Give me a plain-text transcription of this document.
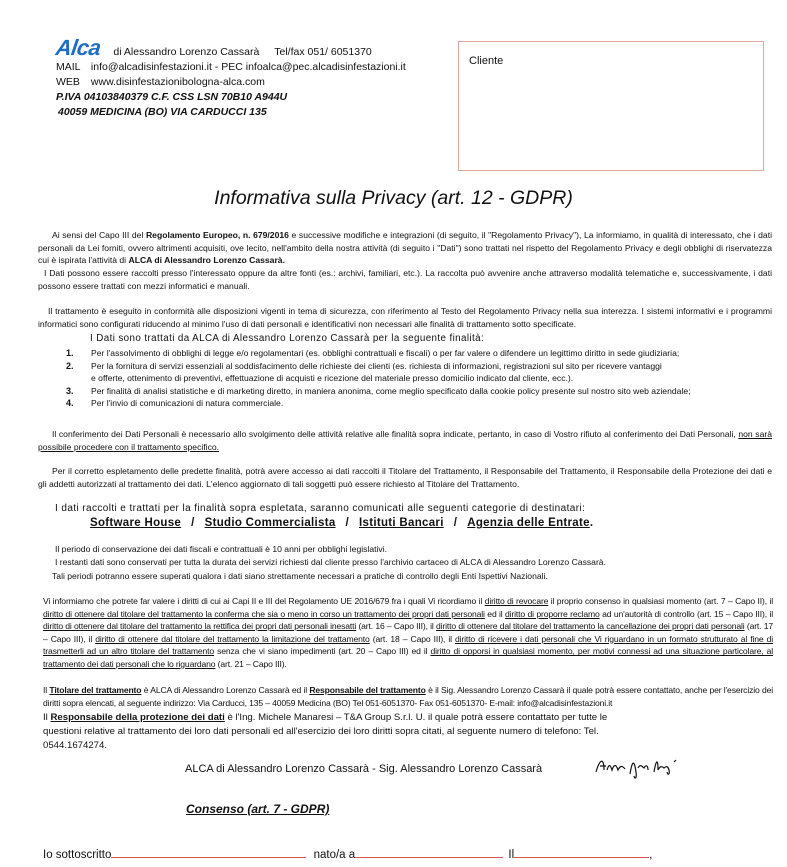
Alca di Alessandro Lorenzo Cassarà Tel/fax 051/ 6051370
MAIL info@alcadisinfestazioni.it - PEC infoalca@pec.alcadisinfestazioni.it
WEB www.disinfestazionibologna-alca.com
P.IVA 04103840379 C.F. CSS LSN 70B10 A944U
40059 MEDICINA (BO) VIA CARDUCCI 135
Cliente
Informativa sulla Privacy (art. 12 - GDPR)
Ai sensi del Capo III del Regolamento Europeo, n. 679/2016 e successive modifiche e integrazioni (di seguito, il "Regolamento Privacy"), La informiamo, in qualità di interessato, che i dati personali da Lei forniti, ovvero altrimenti acquisiti, ove lecito, nell'ambito della nostra attività (di seguito i "Dati") sono trattati nel rispetto del Regolamento Privacy e degli obblighi di riservatezza cui è ispirata l'attività di ALCA di Alessandro Lorenzo Cassarà.
I Dati possono essere raccolti presso l'interessato oppure da altre fonti (es.: archivi, familiari, etc.). La raccolta può avvenire anche attraverso modalità telematiche e, successivamente, i dati possono essere trattati con mezzi informatici e manuali.
Il trattamento è eseguito in conformità alle disposizioni vigenti in tema di sicurezza, con riferimento al Testo del Regolamento Privacy nella sua interezza. I sistemi informativi e i programmi informatici sono configurati riducendo al minimo l'uso di dati personali e identificativi non necessari alle finalità di trattamento sotto specificate.
I Dati sono trattati da ALCA di Alessandro Lorenzo Cassarà per la seguente finalità:
1. Per l'assolvimento di obblighi di legge e/o regolamentari (es. obblighi contrattuali e fiscali) o per far valere o difendere un legittimo diritto in sede giudiziaria;
2. Per la fornitura di servizi essenziali al soddisfacimento delle richieste dei clienti (es. richiesta di informazioni, registrazioni sul sito per ricevere vantaggi
e offerte, ottenimento di preventivi, effettuazione di acquisti e ricezione del materiale presso domicilio indicato dal cliente, ecc.).
3. Per finalità di analisi statistiche e di marketing diretto, in maniera anonima, come meglio specificato dalla cookie policy presente sul nostro sito web aziendale;
4. Per l'invio di comunicazioni di natura commerciale.
Il conferimento dei Dati Personali è necessario allo svolgimento delle attività relative alle finalità sopra indicate, pertanto, in caso di Vostro rifiuto al conferimento dei Dati Personali, non sarà possibile procedere con il trattamento specifico.
Per il corretto espletamento delle predette finalità, potrà avere accesso ai dati raccolti il Titolare del Trattamento, il Responsabile del Trattamento, il Responsabile della Protezione dei dati e gli addetti autorizzati al trattamento dei dati. L'elenco aggiornato di tali soggetti può essere richiesto al Titolare del Trattamento.
I dati raccolti e trattati per la finalità sopra espletata, saranno comunicati alle seguenti categorie di destinatari:
Software House / Studio Commercialista / Istituti Bancari / Agenzia delle Entrate.
Il periodo di conservazione dei dati fiscali e contrattuali è 10 anni per obblighi legislativi.
I restanti dati sono conservati per tutta la durata dei servizi richiesti dal cliente presso l'archivio cartaceo di ALCA di Alessandro Lorenzo Cassarà.
Tali periodi potranno essere superati qualora i dati siano strettamente necessari a pratiche di controllo degli Enti Ispettivi Nazionali.
Vi informiamo che potrete far valere i diritti di cui ai Capi II e III del Regolamento UE 2016/679 fra i quali Vi ricordiamo il diritto di revocare il proprio consenso in qualsiasi momento (art. 7 – Capo II), il diritto di ottenere dal titolare del trattamento la conferma che sia o meno in corso un trattamento dei propri dati personali ed il diritto di proporre reclamo ad un'autorità di controllo (art. 15 – Capo III), il diritto di ottenere dal titolare del trattamento la rettifica dei propri dati personali inesatti (art. 16 – Capo III), il diritto di ottenere dal titolare del trattamento la cancellazione dei propri dati personali (art. 17 – Capo III), il diritto di ottenere dal titolare del trattamento la limitazione del trattamento (art. 18 – Capo III), il diritto di ricevere i dati personali che Vi riguardano in un formato strutturato al fine di trasmetterli ad un altro titolare del trattamento senza che vi siano impedimenti (art. 20 – Capo III) ed il diritto di opporsi in qualsiasi momento, per motivi connessi ad una situazione particolare, al trattamento dei dati personali che lo riguardano (art. 21 – Capo III).
Il Titolare del trattamento è ALCA di Alessandro Lorenzo Cassarà ed il Responsabile del trattamento è il Sig. Alessandro Lorenzo Cassarà il quale potrà essere contattato, anche per l'esercizio dei diritti sopra elencati, al seguente indirizzo: Via Carducci, 135 – 40059 Medicina (BO) Tel 051-6051370- Fax 051-6051370- E-mail: info@alcadisinfestazioni.it
Il Responsabile della protezione dei dati è l'Ing. Michele Manaresi – T&A Group S.r.l. U. il quale potrà essere contattato per tutte le questioni relative al trattamento dei loro dati personali ed all'esercizio dei loro diritti sopra citati, al seguente numero di telefono: Tel. 0544.1674274.
ALCA di Alessandro Lorenzo Cassarà - Sig. Alessandro Lorenzo Cassarà
Consenso (art. 7 - GDPR)
Io sottoscritto	nato/a a	Il	,
